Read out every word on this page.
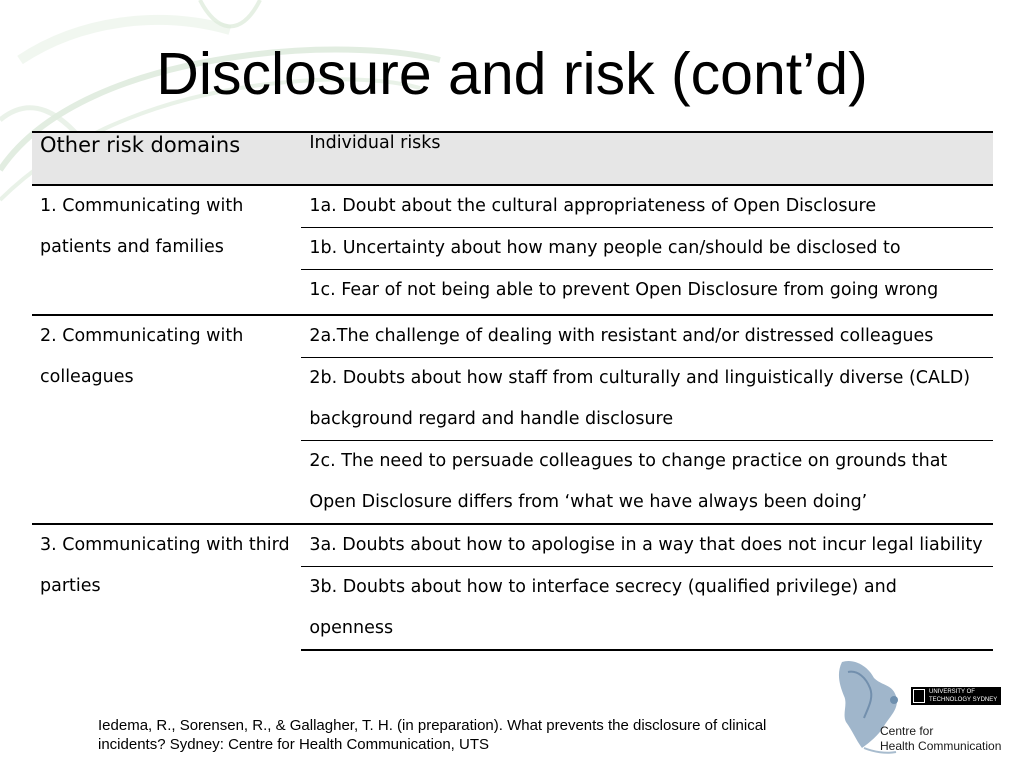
Disclosure and risk (cont’d)
Other risk domains	Individual risks
1. Communicating with patients and families	1a. Doubt about the cultural appropriateness of Open Disclosure
	1b. Uncertainty about how many people can/should be disclosed to
	1c. Fear of not being able to prevent Open Disclosure from going wrong
2. Communicating with colleagues	2a.The challenge of dealing with resistant and/or distressed colleagues
	2b. Doubts about how staff from culturally and linguistically diverse (CALD) background regard and handle disclosure
	2c. The need to persuade colleagues to change practice on grounds that Open Disclosure differs from ‘what we have always been doing’
3. Communicating with third parties	3a. Doubts about how to apologise in a way that does not incur legal liability
	3b. Doubts about how to interface secrecy (qualified privilege) and openness
Iedema, R., Sorensen, R., & Gallagher, T. H. (in preparation). What prevents the disclosure of clinical incidents? Sydney: Centre for Health Communication, UTS
UNIVERSITY OF TECHNOLOGY SYDNEY
Centre for
Health Communication
